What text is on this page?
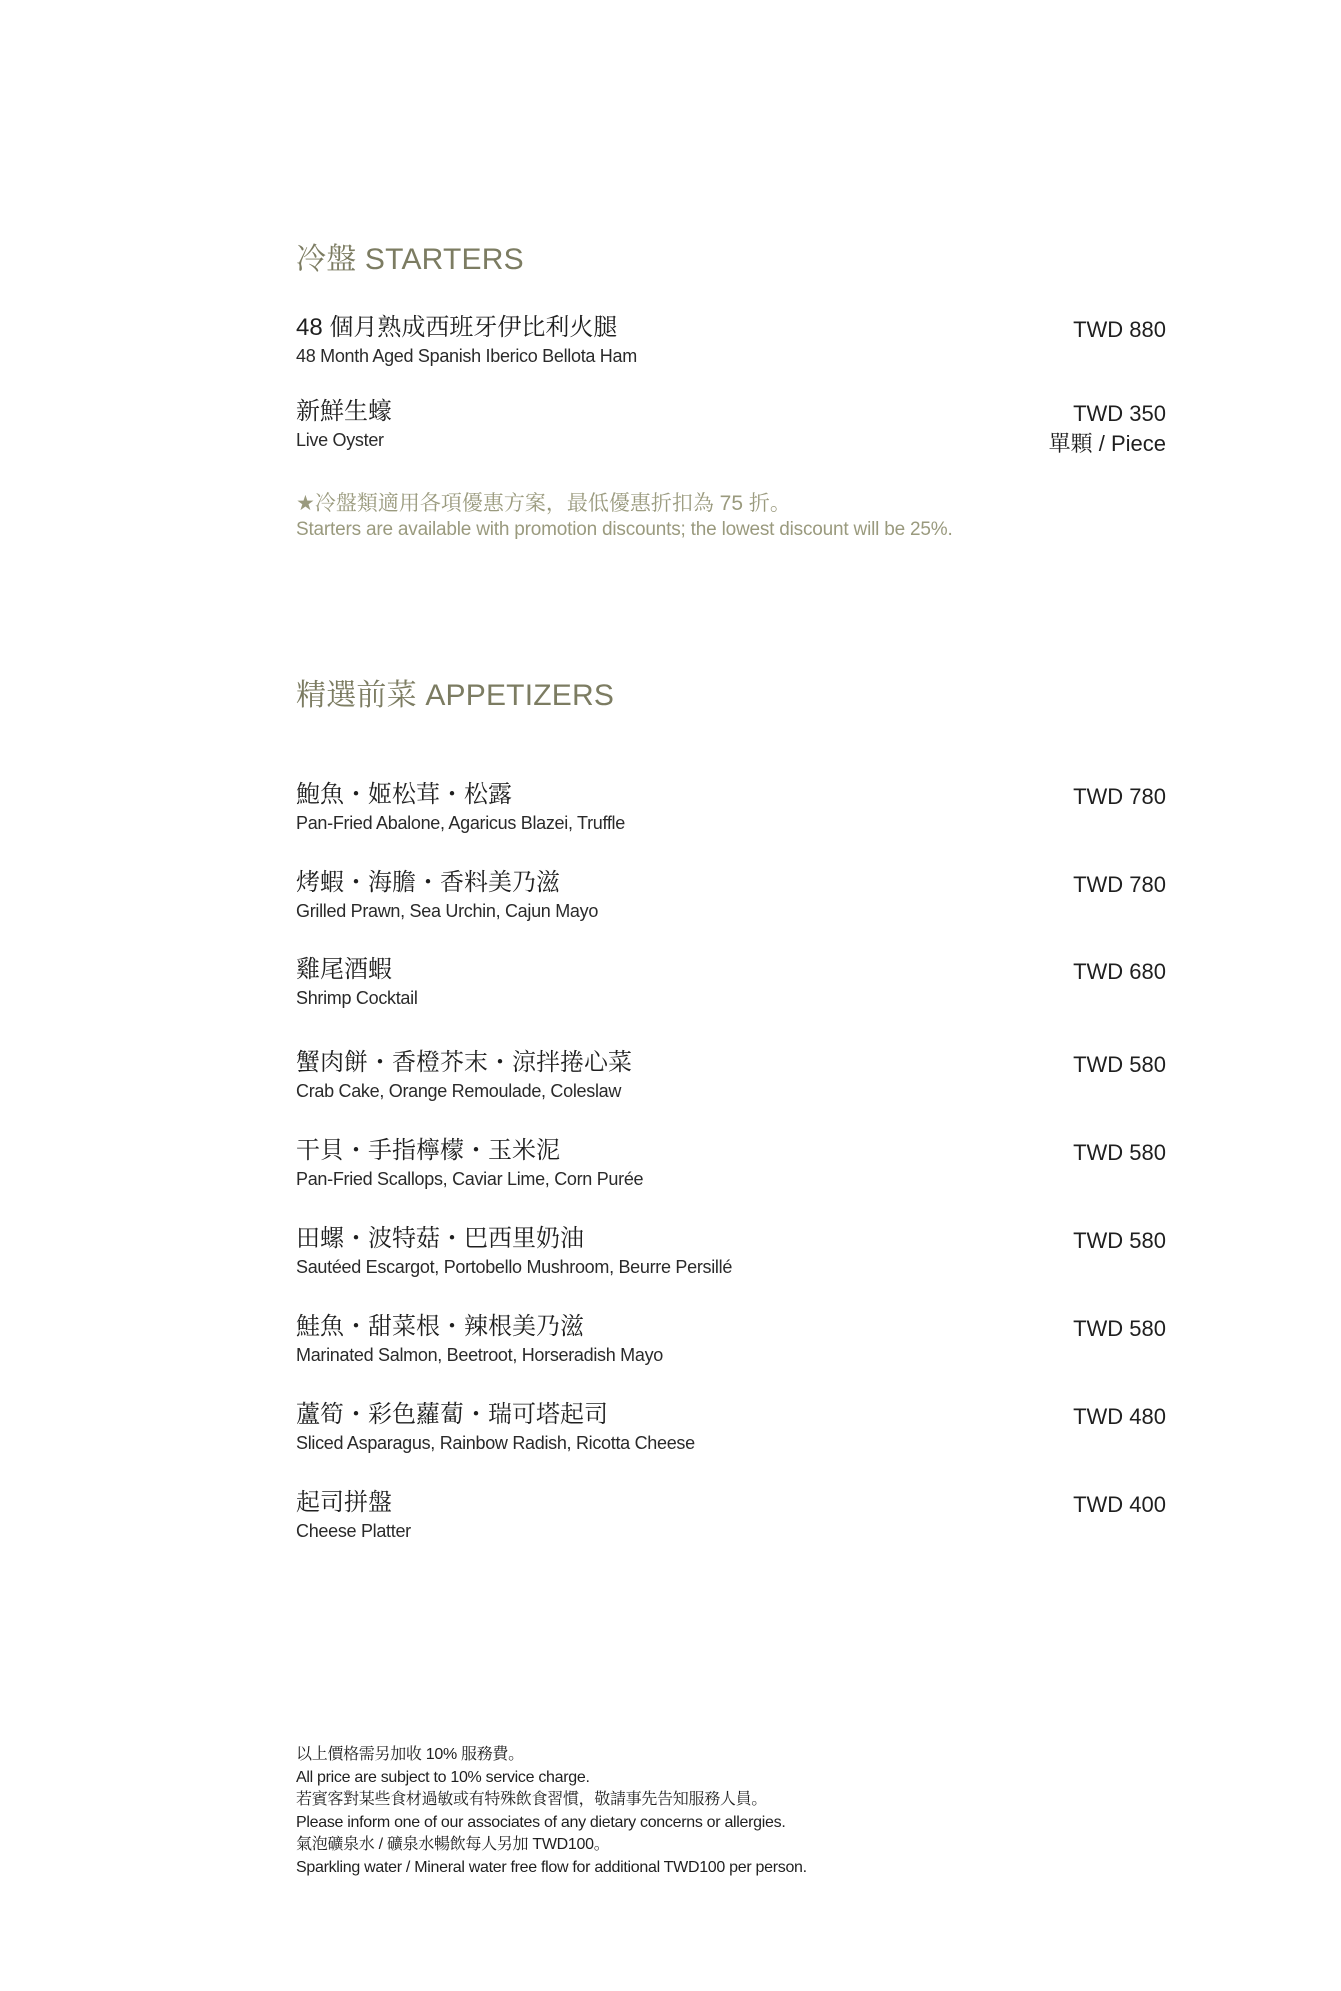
冷盤 STARTERS
48 個月熟成西班牙伊比利火腿
48 Month Aged Spanish Iberico Bellota Ham
TWD 880
新鮮生蠔
Live Oyster
TWD 350
單顆 / Piece
★冷盤類適用各項優惠方案，最低優惠折扣為 75 折。
Starters are available with promotion discounts; the lowest discount will be 25%.
精選前菜 APPETIZERS
鮑魚・姬松茸・松露
Pan-Fried Abalone, Agaricus Blazei, Truffle
TWD 780
烤蝦・海膽・香料美乃滋
Grilled Prawn, Sea Urchin, Cajun Mayo
TWD 780
雞尾酒蝦
Shrimp Cocktail
TWD 680
蟹肉餅・香橙芥末・涼拌捲心菜
Crab Cake, Orange Remoulade, Coleslaw
TWD 580
干貝・手指檸檬・玉米泥
Pan-Fried Scallops, Caviar Lime, Corn Purée
TWD 580
田螺・波特菇・巴西里奶油
Sautéed Escargot, Portobello Mushroom, Beurre Persillé
TWD 580
鮭魚・甜菜根・辣根美乃滋
Marinated Salmon, Beetroot, Horseradish Mayo
TWD 580
蘆筍・彩色蘿蔔・瑞可塔起司
Sliced Asparagus, Rainbow Radish, Ricotta Cheese
TWD 480
起司拼盤
Cheese Platter
TWD 400
以上價格需另加收 10% 服務費。
All price are subject to 10% service charge.
若賓客對某些食材過敏或有特殊飲食習慣，敬請事先告知服務人員。
Please inform one of our associates of any dietary concerns or allergies.
氣泡礦泉水 / 礦泉水暢飲每人另加 TWD100。
Sparkling water / Mineral water free flow for additional TWD100 per person.
